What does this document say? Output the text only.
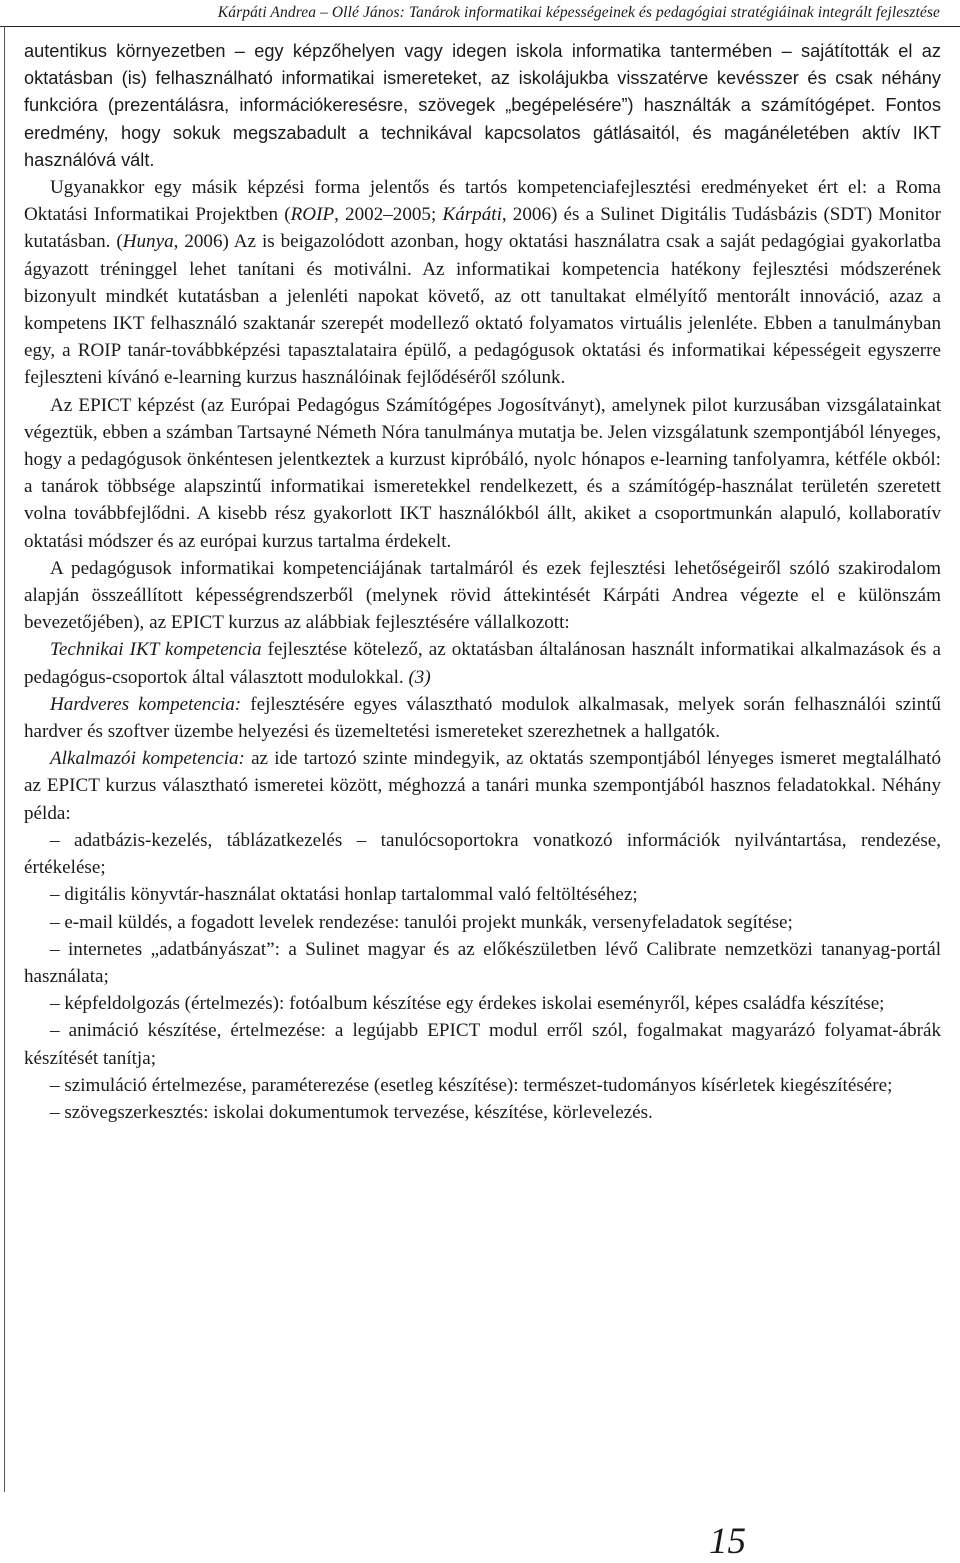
Kárpáti Andrea – Ollé János: Tanárok informatikai képességeinek és pedagógiai stratégiáinak integrált fejlesztése

autentikus környezetben – egy képzőhelyen vagy idegen iskola informatika tantermében – sajátították el az oktatásban (is) felhasználható informatikai ismereteket, az iskolájukba visszatérve kevésszer és csak néhány funkcióra (prezentálásra, információkeresésre, szövegek „begépelésére”) használták a számítógépet. Fontos eredmény, hogy sokuk megszabadult a technikával kapcsolatos gátlásaitól, és magánéletében aktív IKT használóvá vált.

Ugyanakkor egy másik képzési forma jelentős és tartós kompetenciafejlesztési eredményeket ért el: a Roma Oktatási Informatikai Projektben (ROIP, 2002–2005; Kárpáti, 2006) és a Sulinet Digitális Tudásbázis (SDT) Monitor kutatásban. (Hunya, 2006) Az is beigazolódott azonban, hogy oktatási használatra csak a saját pedagógiai gyakorlatba ágyazott tréninggel lehet tanítani és motiválni. Az informatikai kompetencia hatékony fejlesztési módszerének bizonyult mindkét kutatásban a jelenléti napokat követő, az ott tanultakat elmélyítő mentorált innováció, azaz a kompetens IKT felhasználó szaktanár szerepét modellező oktató folyamatos virtuális jelenléte. Ebben a tanulmányban egy, a ROIP tanár-továbbképzési tapasztalataira épülő, a pedagógusok oktatási és informatikai képességeit egyszerre fejleszteni kívánó e-learning kurzus használóinak fejlődéséről szólunk.

Az EPICT képzést (az Európai Pedagógus Számítógépes Jogosítványt), amelynek pilot kurzusában vizsgálatainkat végeztük, ebben a számban Tartsayné Németh Nóra tanulmánya mutatja be. Jelen vizsgálatunk szempontjából lényeges, hogy a pedagógusok önkéntesen jelentkeztek a kurzust kipróbáló, nyolc hónapos e-learning tanfolyamra, kétféle okból: a tanárok többsége alapszintű informatikai ismeretekkel rendelkezett, és a számítógép-használat területén szeretett volna továbbfejlődni. A kisebb rész gyakorlott IKT használókból állt, akiket a csoportmunkán alapuló, kollaboratív oktatási módszer és az európai kurzus tartalma érdekelt.

A pedagógusok informatikai kompetenciájának tartalmáról és ezek fejlesztési lehetőségeiről szóló szakirodalom alapján összeállított képességrendszerből (melynek rövid áttekintését Kárpáti Andrea végezte el e különszám bevezetőjében), az EPICT kurzus az alábbiak fejlesztésére vállalkozott:

Technikai IKT kompetencia fejlesztése kötelező, az oktatásban általánosan használt informatikai alkalmazások és a pedagógus-csoportok által választott modulokkal. (3)

Hardveres kompetencia: fejlesztésére egyes választható modulok alkalmasak, melyek során felhasználói szintű hardver és szoftver üzembe helyezési és üzemeltetési ismereteket szerezhetnek a hallgatók.

Alkalmazói kompetencia: az ide tartozó szinte mindegyik, az oktatás szempontjából lényeges ismeret megtalálható az EPICT kurzus választható ismeretei között, méghozzá a tanári munka szempontjából hasznos feladatokkal. Néhány példa:

– adatbázis-kezelés, táblázatkezelés – tanulócsoportokra vonatkozó információk nyilvántartása, rendezése, értékelése;

– digitális könyvtár-használat oktatási honlap tartalommal való feltöltéséhez;

– e-mail küldés, a fogadott levelek rendezése: tanulói projekt munkák, versenyfeladatok segítése;

– internetes „adatbányászat”: a Sulinet magyar és az előkészületben lévő Calibrate nemzetközi tananyag-portál használata;

– képfeldolgozás (értelmezés): fotóalbum készítése egy érdekes iskolai eseményről, képes családfa készítése;

– animáció készítése, értelmezése: a legújabb EPICT modul erről szól, fogalmakat magyarázó folyamat-ábrák készítését tanítja;

– szimuláció értelmezése, paraméterezése (esetleg készítése): természet-tudományos kísérletek kiegészítésére;

– szövegszerkesztés: iskolai dokumentumok tervezése, készítése, körlevelezés.

15
